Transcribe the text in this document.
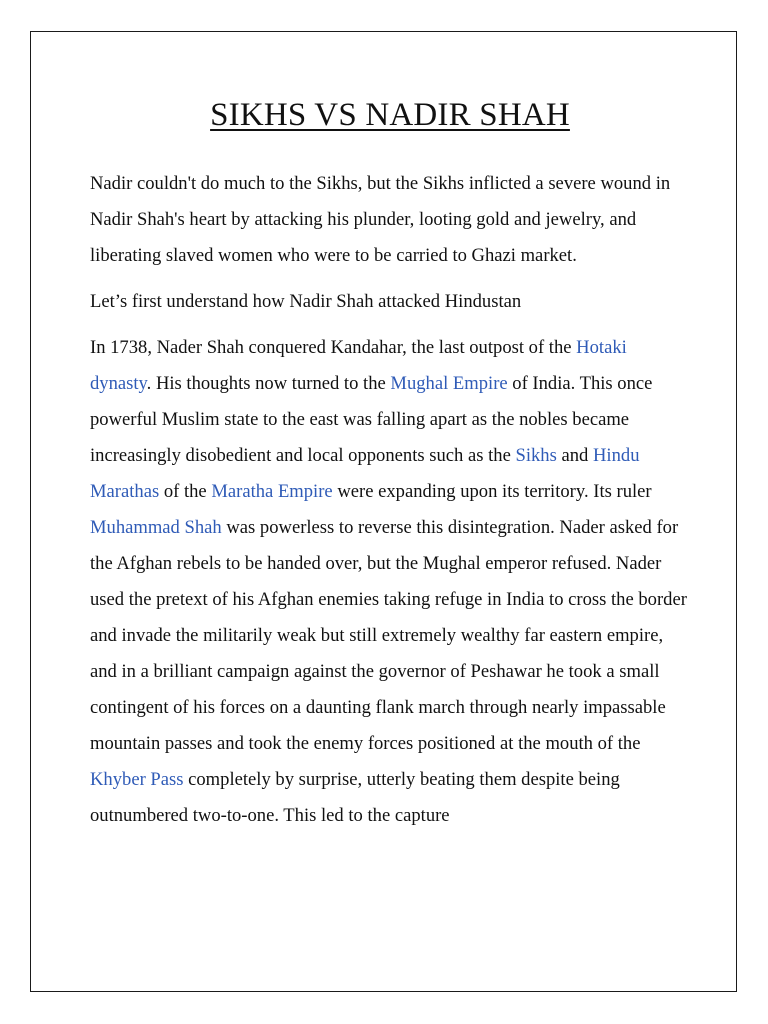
SIKHS VS NADIR SHAH

Nadir couldn't do much to the Sikhs, but the Sikhs inflicted a severe wound in Nadir Shah's heart by attacking his plunder, looting gold and jewelry, and liberating slaved women who were to be carried to Ghazi market.

Let’s first understand how Nadir Shah attacked Hindustan

In 1738, Nader Shah conquered Kandahar, the last outpost of the Hotaki dynasty. His thoughts now turned to the Mughal Empire of India. This once powerful Muslim state to the east was falling apart as the nobles became increasingly disobedient and local opponents such as the Sikhs and Hindu Marathas of the Maratha Empire were expanding upon its territory. Its ruler Muhammad Shah was powerless to reverse this disintegration. Nader asked for the Afghan rebels to be handed over, but the Mughal emperor refused. Nader used the pretext of his Afghan enemies taking refuge in India to cross the border and invade the militarily weak but still extremely wealthy far eastern empire, and in a brilliant campaign against the governor of Peshawar he took a small contingent of his forces on a daunting flank march through nearly impassable mountain passes and took the enemy forces positioned at the mouth of the Khyber Pass completely by surprise, utterly beating them despite being outnumbered two-to-one. This led to the capture
